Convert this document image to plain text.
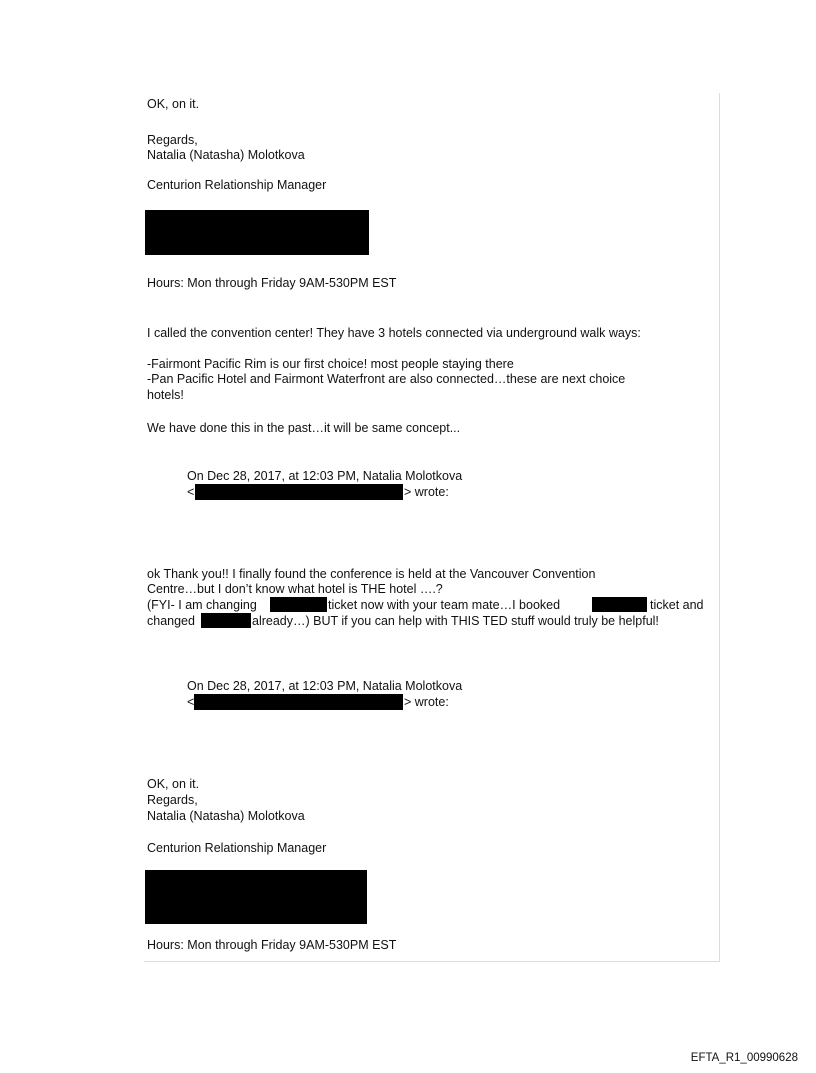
OK, on it.
Regards,
Natalia (Natasha) Molotkova
Centurion Relationship Manager
Hours: Mon through Friday 9AM-530PM EST
I called the convention center! They have 3 hotels connected via underground walk ways:
-Fairmont Pacific Rim is our first choice! most people staying there
-Pan Pacific Hotel and Fairmont Waterfront are also connected…these are next choice
hotels!
We have done this in the past…it will be same concept...
On Dec 28, 2017, at 12:03 PM, Natalia Molotkova
<	> wrote:
ok Thank you!! I finally found the conference is held at the Vancouver Convention
Centre…but I don’t know what hotel is THE hotel ….?
(FYI- I am changing	ticket now with your team mate…I booked	ticket and
changed	already…) BUT if you can help with THIS TED stuff would truly be helpful!
On Dec 28, 2017, at 12:03 PM, Natalia Molotkova
<	> wrote:
OK, on it.
Regards,
Natalia (Natasha) Molotkova
Centurion Relationship Manager
Hours: Mon through Friday 9AM-530PM EST
EFTA_R1_00990628
